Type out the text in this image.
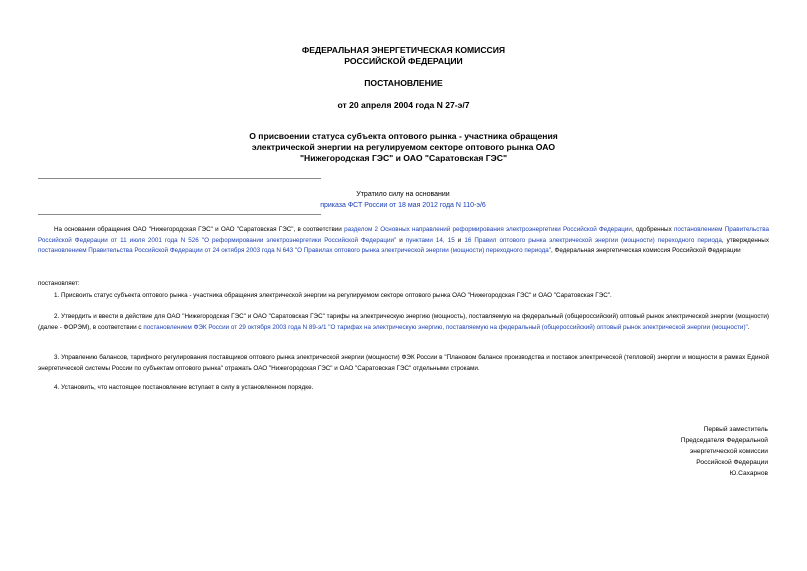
ФЕДЕРАЛЬНАЯ ЭНЕРГЕТИЧЕСКАЯ КОМИССИЯ
РОССИЙСКОЙ ФЕДЕРАЦИИ
ПОСТАНОВЛЕНИЕ
от 20 апреля 2004 года N 27-э/7
О присвоении статуса субъекта оптового рынка - участника обращения
электрической энергии на регулируемом секторе оптового рынка ОАО
"Нижегородская ГЭС" и ОАО "Саратовская ГЭС"
Утратило силу на основании
приказа ФСТ России от 18 мая 2012 года N 110-э/6

На основании обращения ОАО "Нижегородская ГЭС" и ОАО "Саратовская ГЭС", в соответствии разделом 2 Основных направлений реформирования электроэнергетики Российской Федерации, одобренных постановлением Правительства Российской Федерации от 11 июля 2001 года N 526 "О реформировании электроэнергетики Российской Федерации" и пунктами 14, 15 и 16 Правил оптового рынка электрической энергии (мощности) переходного периода, утвержденных постановлением Правительства Российской Федерации от 24 октября 2003 года N 643 "О Правилах оптового рынка электрической энергии (мощности) переходного периода", Федеральная энергетическая комиссия Российской Федерации

постановляет:

1. Присвоить статус субъекта оптового рынка - участника обращения электрической энергии на регулируемом секторе оптового рынка ОАО "Нижегородская ГЭС" и ОАО "Саратовская ГЭС".

2. Утвердить и ввести в действие для ОАО "Нижегородская ГЭС" и ОАО "Саратовская ГЭС" тарифы на электрическую энергию (мощность), поставляемую на федеральный (общероссийский) оптовый рынок электрической энергии (мощности) (далее - ФОРЭМ), в соответствии с постановлением ФЭК России от 29 октября 2003 года N 89-э/1 "О тарифах на электрическую энергию, поставляемую на федеральный (общероссийский) оптовый рынок электрической энергии (мощности)".

3. Управлению балансов, тарифного регулирования поставщиков оптового рынка электрической энергии (мощности) ФЭК России в "Плановом балансе производства и поставок электрической (тепловой) энергии и мощности в рамках Единой энергетической системы России по субъектам оптового рынка" отражать ОАО "Нижегородская ГЭС" и ОАО "Саратовская ГЭС" отдельными строками.

4. Установить, что настоящее постановление вступает в силу в установленном порядке.

Первый заместитель
Председателя Федеральной
энергетической комиссии
Российской Федерации
Ю.Сахарнов
